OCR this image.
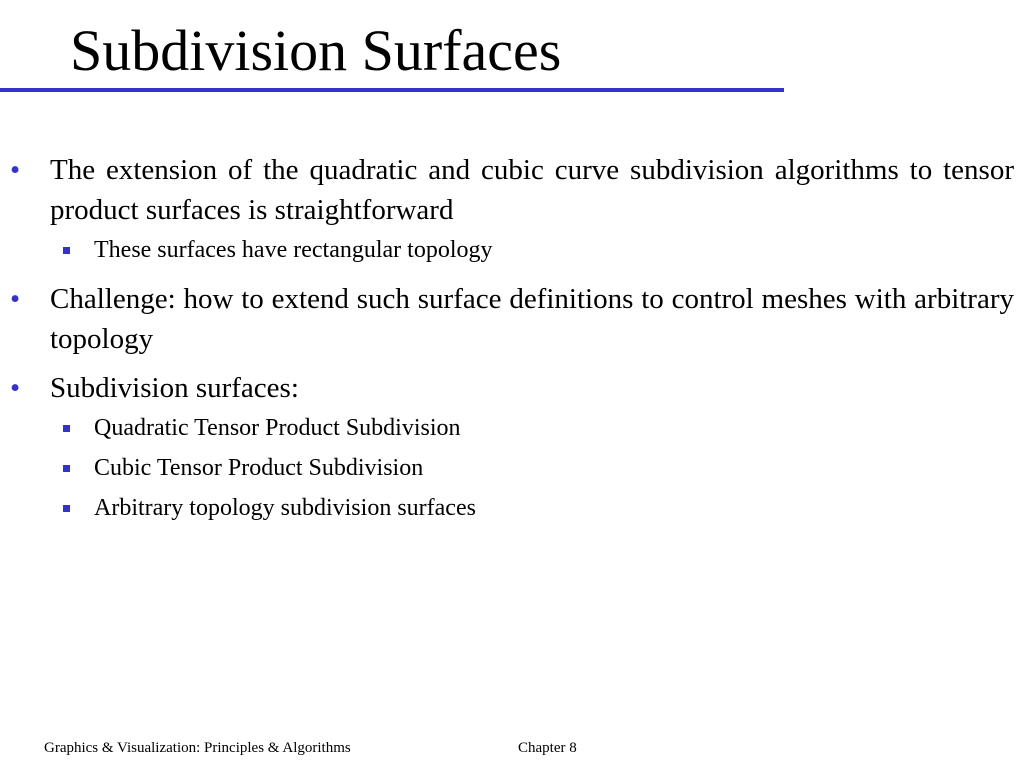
Subdivision Surfaces
• The extension of the quadratic and cubic curve subdivision algorithms to tensor product surfaces is straightforward
These surfaces have rectangular topology
• Challenge: how to extend such surface definitions to control meshes with arbitrary topology
• Subdivision surfaces:
Quadratic Tensor Product Subdivision
Cubic Tensor Product Subdivision
Arbitrary topology subdivision surfaces
Graphics & Visualization: Principles & Algorithms	Chapter 8
